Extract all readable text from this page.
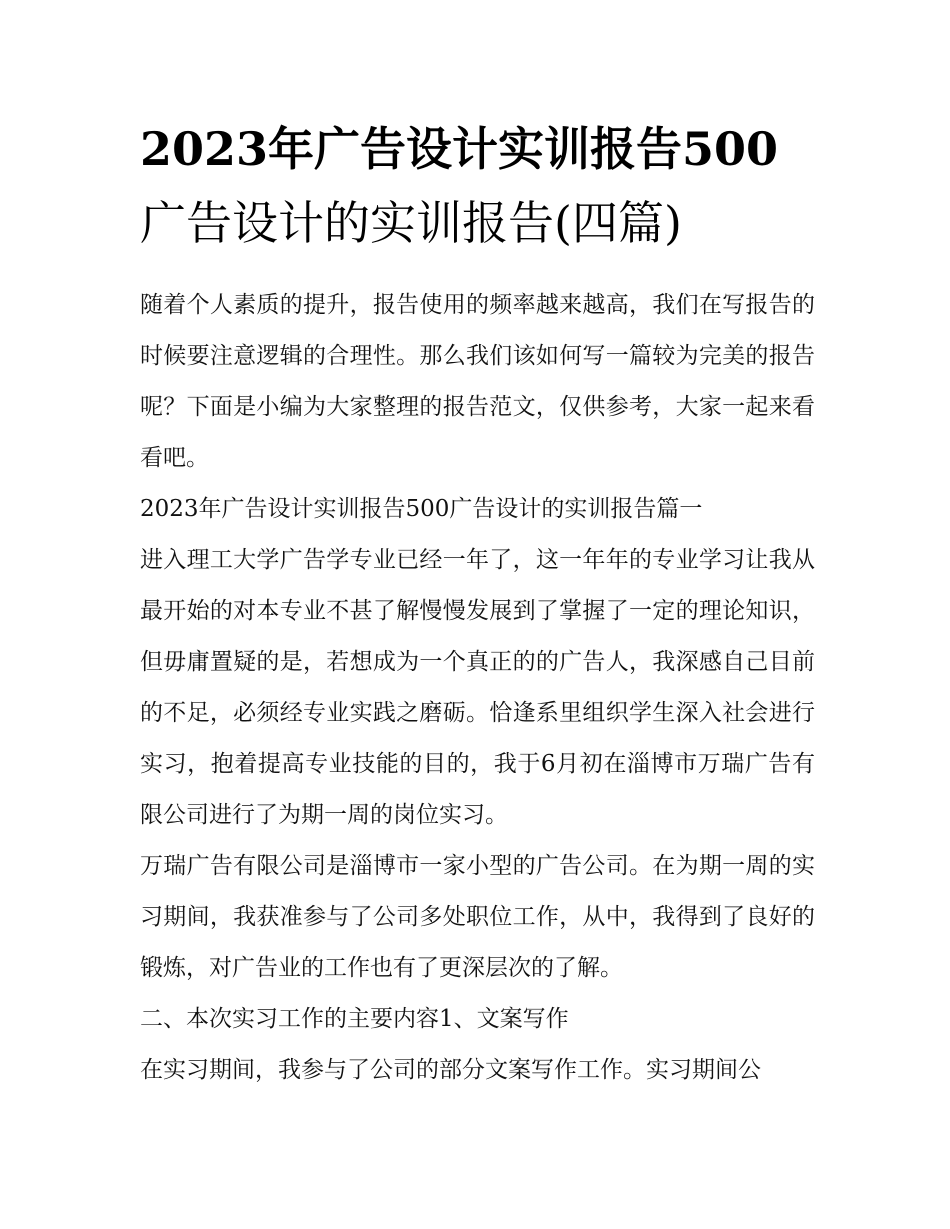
2023年广告设计实训报告500
广告设计的实训报告(四篇)

随着个人素质的提升，报告使用的频率越来越高，我们在写报告的时候要注意逻辑的合理性。那么我们该如何写一篇较为完美的报告呢？下面是小编为大家整理的报告范文，仅供参考，大家一起来看看吧。

2023年广告设计实训报告500广告设计的实训报告篇一

进入理工大学广告学专业已经一年了，这一年年的专业学习让我从最开始的对本专业不甚了解慢慢发展到了掌握了一定的理论知识，但毋庸置疑的是，若想成为一个真正的的广告人，我深感自己目前的不足，必须经专业实践之磨砺。恰逢系里组织学生深入社会进行实习，抱着提高专业技能的目的，我于6月初在淄博市万瑞广告有限公司进行了为期一周的岗位实习。

万瑞广告有限公司是淄博市一家小型的广告公司。在为期一周的实习期间，我获准参与了公司多处职位工作，从中，我得到了良好的锻炼，对广告业的工作也有了更深层次的了解。

二、本次实习工作的主要内容1、文案写作

在实习期间，我参与了公司的部分文案写作工作。实习期间公
